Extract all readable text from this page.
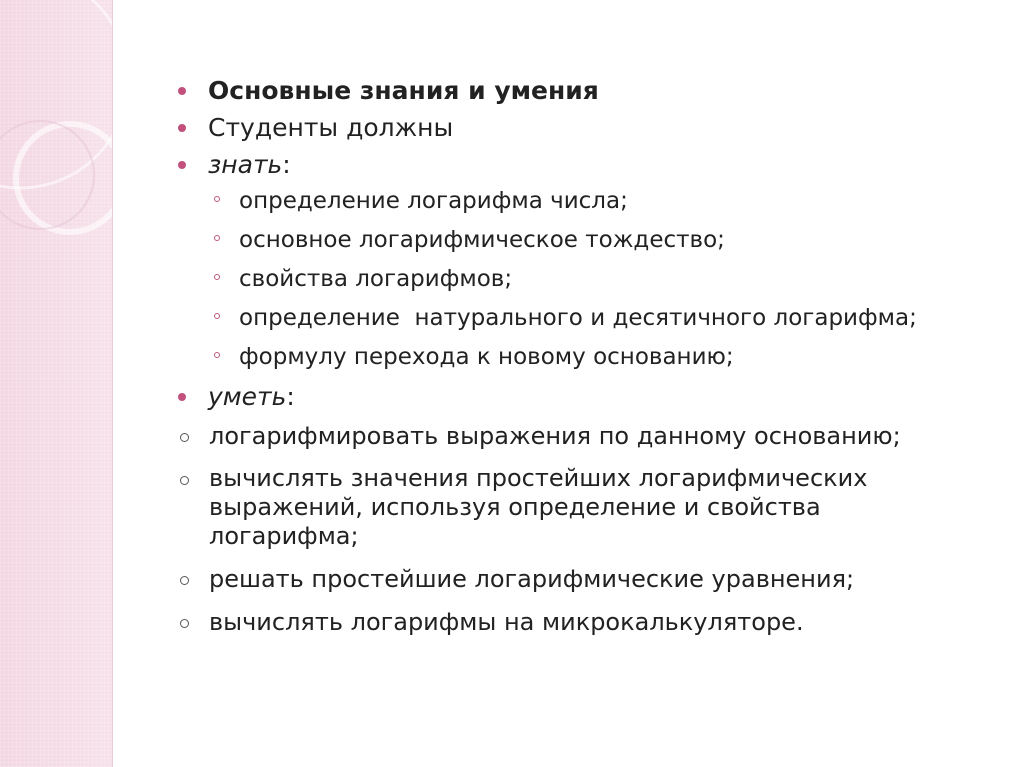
Основные знания и умения
Студенты должны
знать:
определение логарифма числа;
основное логарифмическое тождество;
свойства логарифмов;
определение  натурального и десятичного логарифма;
формулу перехода к новому основанию;
уметь:
логарифмировать выражения по данному основанию;
вычислять значения простейших логарифмических выражений, используя определение и свойства логарифма;
решать простейшие логарифмические уравнения;
вычислять логарифмы на микрокалькуляторе.
